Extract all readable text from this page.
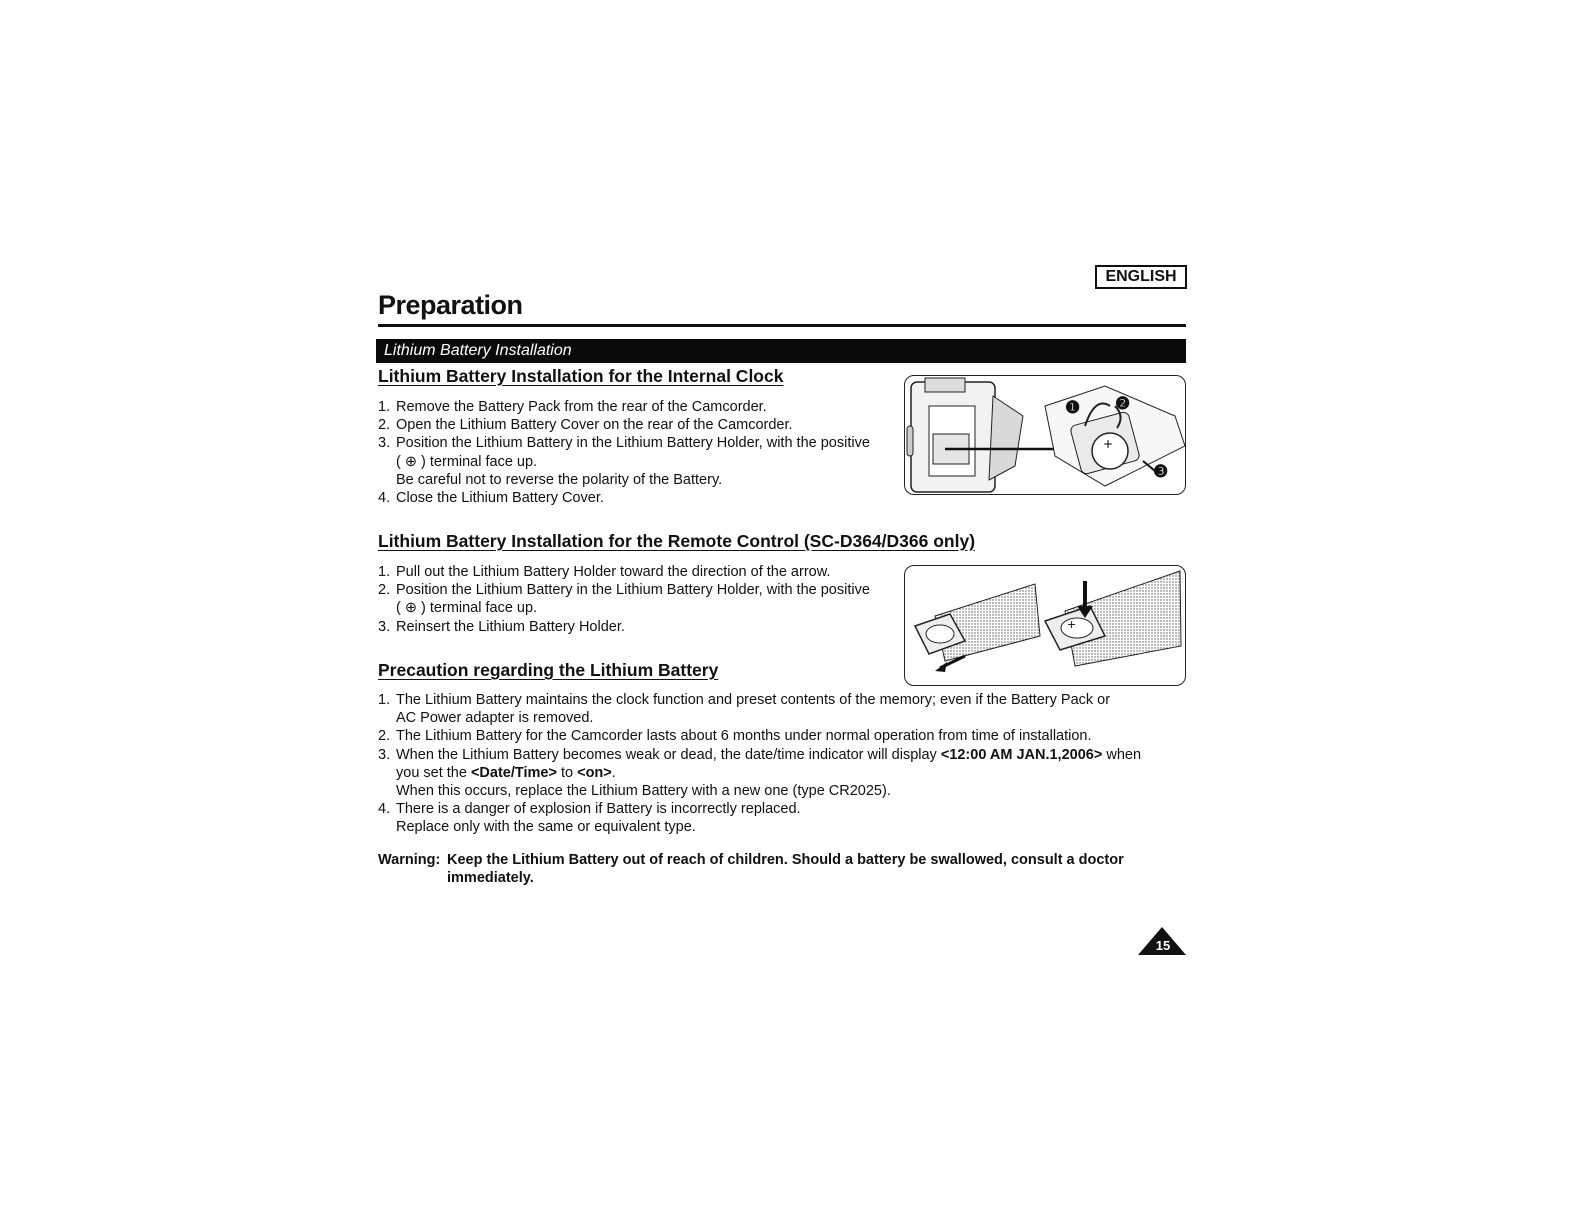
ENGLISH
Preparation
Lithium Battery Installation
Lithium Battery Installation for the Internal Clock
1. Remove the Battery Pack from the rear of the Camcorder.
2. Open the Lithium Battery Cover on the rear of the Camcorder.
3. Position the Lithium Battery in the Lithium Battery Holder, with the positive
( ⊕ ) terminal face up.
Be careful not to reverse the polarity of the Battery.
4. Close the Lithium Battery Cover.
+
❶ ❷
❸
Lithium Battery Installation for the Remote Control (SC-D364/D366 only)
1. Pull out the Lithium Battery Holder toward the direction of the arrow.
2. Position the Lithium Battery in the Lithium Battery Holder, with the positive
( ⊕ ) terminal face up.
3. Reinsert the Lithium Battery Holder.	+
Precaution regarding the Lithium Battery
1. The Lithium Battery maintains the clock function and preset contents of the memory; even if the Battery Pack or
AC Power adapter is removed.
2. The Lithium Battery for the Camcorder lasts about 6 months under normal operation from time of installation.
3. When the Lithium Battery becomes weak or dead, the date/time indicator will display <12:00 AM JAN.1,2006> when
you set the <Date/Time> to <on>.
When this occurs, replace the Lithium Battery with a new one (type CR2025).
4. There is a danger of explosion if Battery is incorrectly replaced.
Replace only with the same or equivalent type.
Warning: Keep the Lithium Battery out of reach of children. Should a battery be swallowed, consult a doctor immediately.
15
